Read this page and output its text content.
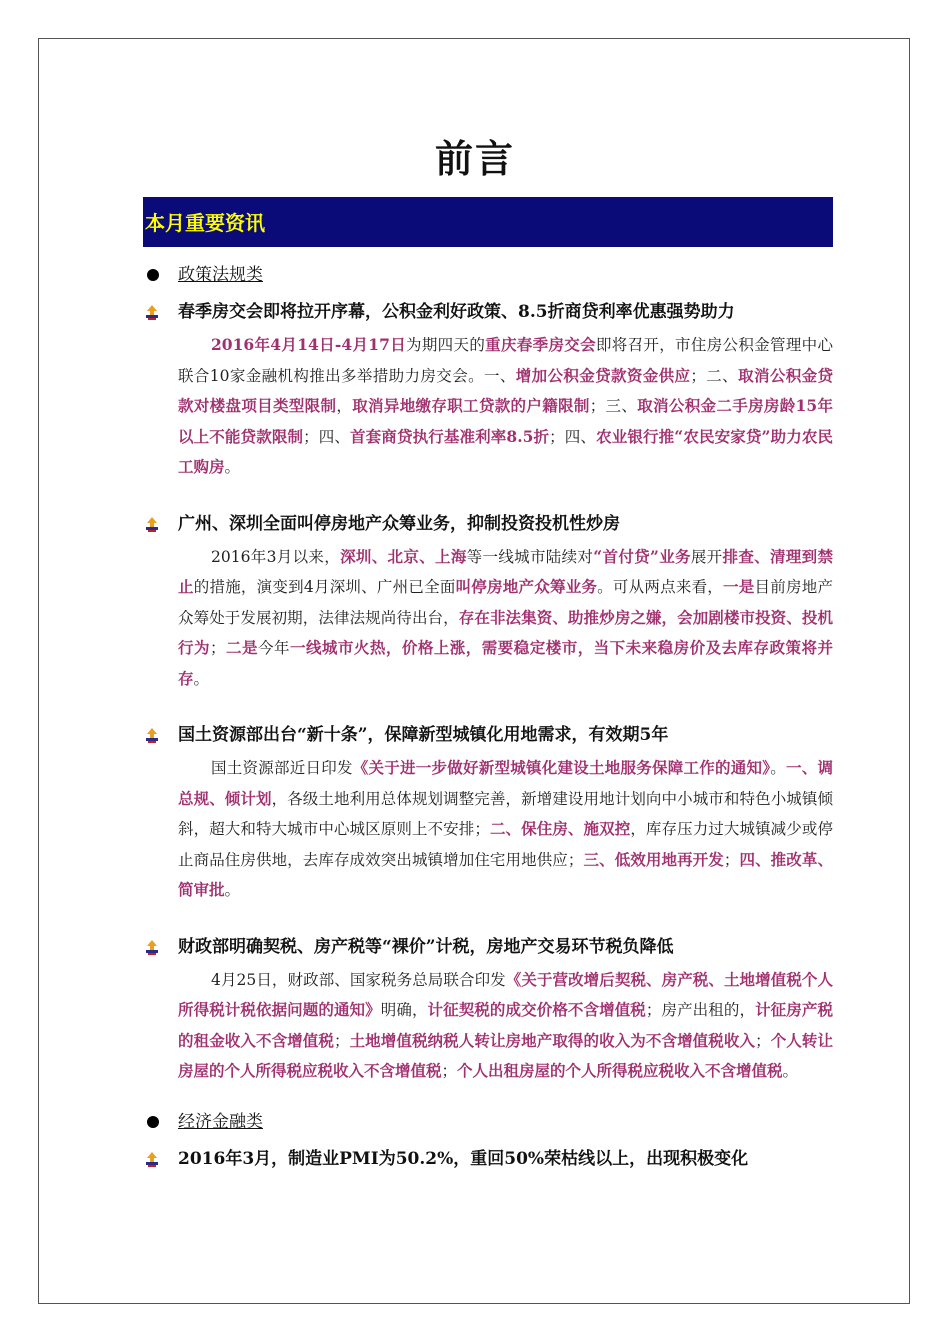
前言
本月重要资讯
政策法规类
春季房交会即将拉开序幕，公积金利好政策、8.5折商贷利率优惠强势助力
2016年4月14日-4月17日为期四天的重庆春季房交会即将召开，市住房公积金管理中心联合10家金融机构推出多举措助力房交会。一、增加公积金贷款资金供应；二、取消公积金贷款对楼盘项目类型限制，取消异地缴存职工贷款的户籍限制；三、取消公积金二手房房龄15年以上不能贷款限制；四、首套商贷执行基准利率8.5折；四、农业银行推“农民安家贷”助力农民工购房。
广州、深圳全面叫停房地产众筹业务，抑制投资投机性炒房
2016年3月以来，深圳、北京、上海等一线城市陆续对“首付贷”业务展开排查、清理到禁止的措施，演变到4月深圳、广州已全面叫停房地产众筹业务。可从两点来看，一是目前房地产众筹处于发展初期，法律法规尚待出台，存在非法集资、助推炒房之嫌，会加剧楼市投资、投机行为；二是今年一线城市火热，价格上涨，需要稳定楼市，当下未来稳房价及去库存政策将并存。
国土资源部出台“新十条”，保障新型城镇化用地需求，有效期5年
国土资源部近日印发《关于进一步做好新型城镇化建设土地服务保障工作的通知》。一、调总规、倾计划，各级土地利用总体规划调整完善，新增建设用地计划向中小城市和特色小城镇倾斜，超大和特大城市中心城区原则上不安排；二、保住房、施双控，库存压力过大城镇减少或停止商品住房供地，去库存成效突出城镇增加住宅用地供应；三、低效用地再开发；四、推改革、简审批。
财政部明确契税、房产税等“裸价”计税，房地产交易环节税负降低
4月25日，财政部、国家税务总局联合印发《关于营改增后契税、房产税、土地增值税个人所得税计税依据问题的通知》明确，计征契税的成交价格不含增值税；房产出租的，计征房产税的租金收入不含增值税；土地增值税纳税人转让房地产取得的收入为不含增值税收入；个人转让房屋的个人所得税应税收入不含增值税；个人出租房屋的个人所得税应税收入不含增值税。
经济金融类
2016年3月，制造业PMI为50.2%，重回50%荣枯线以上，出现积极变化
